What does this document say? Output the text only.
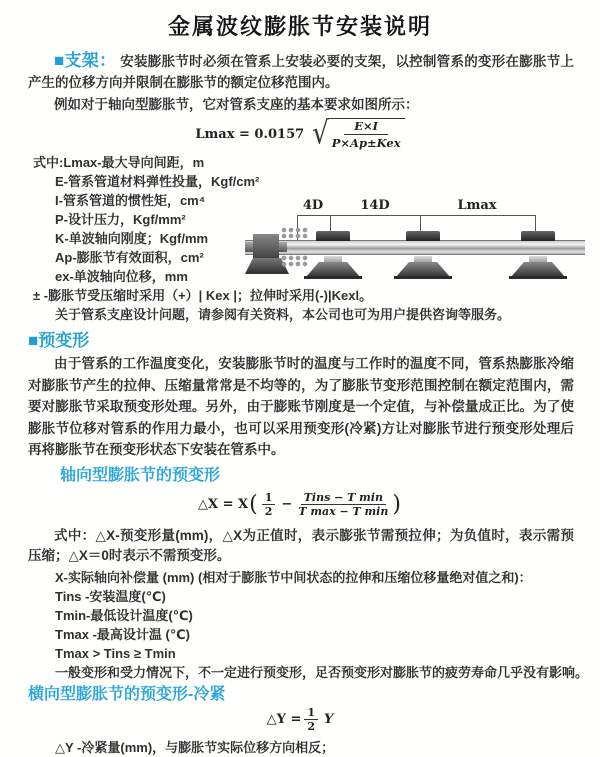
金属波纹膨胀节安装说明

■支架： 安装膨胀节时必须在管系上安装必要的支架，以控制管系的变形在膨胀节上产生的位移方向并限制在膨胀节的额定位移范围内。

例如对于轴向型膨胀节，它对管系支座的基本要求如图所示：

Lmax = 0.0157 √ $\frac{E\times I}{\text{P×Ap±Kex}}$
式中:Lmax-最大导向间距，m
E-管系管道材料弹性投量，Kgf/cm²
I-管系管道的惯性矩，cm⁴
P-设计压力，Kgf/mm²
K-单波轴向刚度；Kgf/mm
Ap-膨胀节有效面积，cm²
ex-单波轴向位移，mm
± -膨胀节受压缩时采用（+）| Kex |；拉伸时采用(-)|Kexl。
关于管系支座设计问题，请参阅有关资料，本公司也可为用户提供咨询等服务。
4D	14D	Lmax
■预变形

由于管系的工作温度变化，安装膨胀节时的温度与工作时的温度不同，管系热膨胀冷缩对膨胀节产生的拉伸、压缩量常常是不均等的，为了膨胀节变形范围控制在额定范围内，需要对膨胀节采取预变形处理。另外，由于膨账节刚度是一个定值，与补偿量成正比。为了使膨胀节位移对管系的作用力最小，也可以采用预变形(冷紧)方让对膨胀节进行预变形处理后再将膨胀节在预变形状态下安装在管系中。

轴向型膨胀节的预变形
△X = X ( $\frac{1}{2}$ − Tins − T min
T max − T min )

式中：△X-预变形量(mm)，△X为正值时，表示膨张节需预拉伸；为负值时，表示需预压缩；△X＝0时表示不需预变形。

X-实际轴向补偿量 (mm) (相对于膨胀节中间状态的拉伸和压缩位移量绝对值之和)：
Tins -安装温度(℃)
Tmin-最低设计温度(℃)
Tmax -最高设计温 (℃)
Tmax > Tins ≥ Tmin
一般变形和受力情况下，不一定进行预变形，足否预变形对膨胀节的疲劳寿命几乎没有影响。
横向型膨胀节的预变形-冷紧
△Y = $\frac{1}{2}$ Y
△Y -冷紧量(mm)，与膨胀节实际位移方向相反；
